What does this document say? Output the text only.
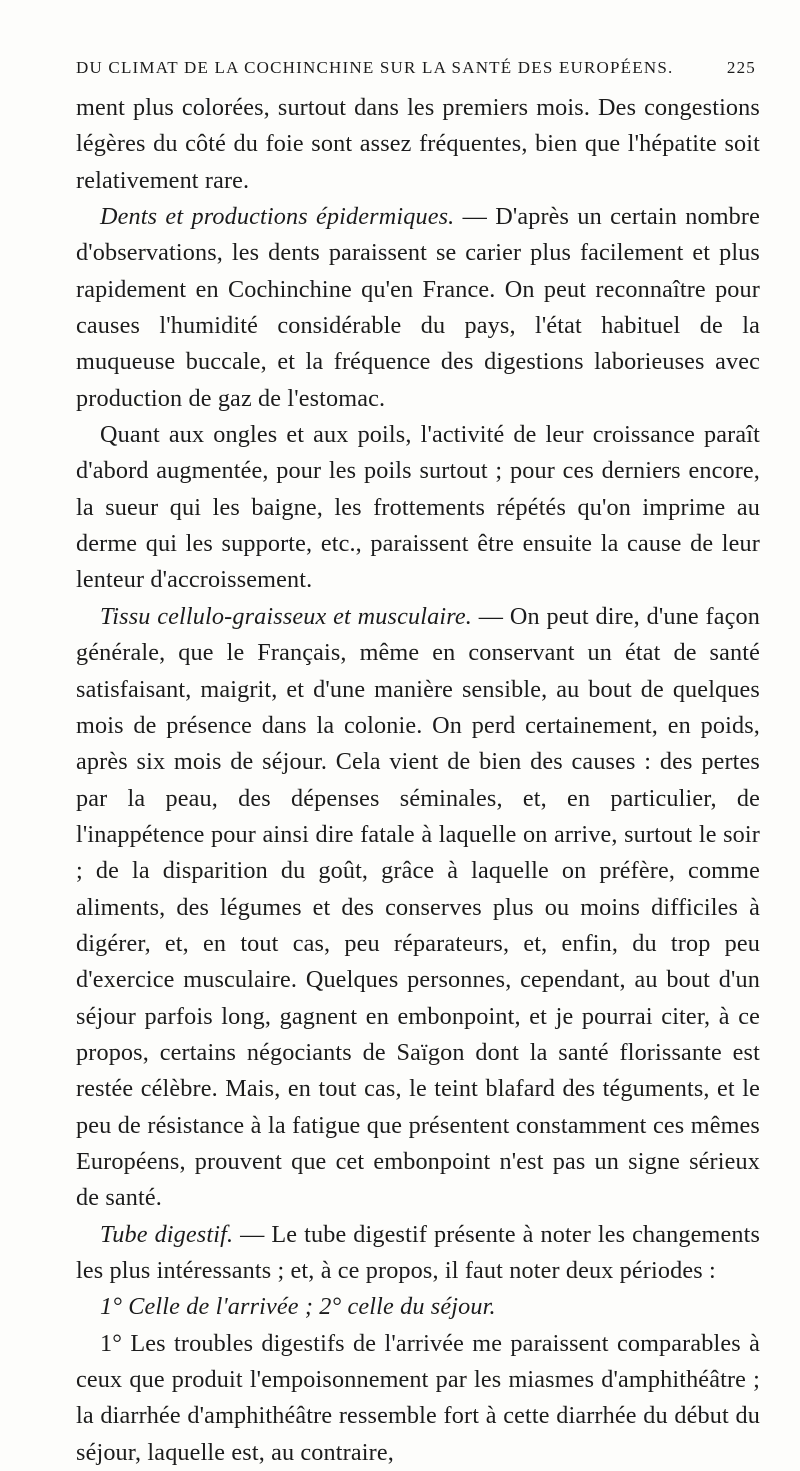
DU CLIMAT DE LA COCHINCHINE SUR LA SANTÉ DES EUROPÉENS.	225

ment plus colorées, surtout dans les premiers mois. Des congestions légères du côté du foie sont assez fréquentes, bien que l'hépatite soit relativement rare.

Dents et productions épidermiques. — D'après un certain nombre d'observations, les dents paraissent se carier plus facilement et plus rapidement en Cochinchine qu'en France. On peut reconnaître pour causes l'humidité considérable du pays, l'état habituel de la muqueuse buccale, et la fréquence des digestions laborieuses avec production de gaz de l'estomac.

Quant aux ongles et aux poils, l'activité de leur croissance paraît d'abord augmentée, pour les poils surtout ; pour ces derniers encore, la sueur qui les baigne, les frottements répétés qu'on imprime au derme qui les supporte, etc., paraissent être ensuite la cause de leur lenteur d'accroissement.

Tissu cellulo-graisseux et musculaire. — On peut dire, d'une façon générale, que le Français, même en conservant un état de santé satisfaisant, maigrit, et d'une manière sensible, au bout de quelques mois de présence dans la colonie. On perd certainement, en poids, après six mois de séjour. Cela vient de bien des causes : des pertes par la peau, des dépenses séminales, et, en particulier, de l'inappétence pour ainsi dire fatale à laquelle on arrive, surtout le soir ; de la disparition du goût, grâce à laquelle on préfère, comme aliments, des légumes et des conserves plus ou moins difficiles à digérer, et, en tout cas, peu réparateurs, et, enfin, du trop peu d'exercice musculaire. Quelques personnes, cependant, au bout d'un séjour parfois long, gagnent en embonpoint, et je pourrai citer, à ce propos, certains négociants de Saïgon dont la santé florissante est restée célèbre. Mais, en tout cas, le teint blafard des téguments, et le peu de résistance à la fatigue que présentent constamment ces mêmes Européens, prouvent que cet embonpoint n'est pas un signe sérieux de santé.

Tube digestif. — Le tube digestif présente à noter les changements les plus intéressants ; et, à ce propos, il faut noter deux périodes :

1° Celle de l'arrivée ; 2° celle du séjour.

1° Les troubles digestifs de l'arrivée me paraissent comparables à ceux que produit l'empoisonnement par les miasmes d'amphithéâtre ; la diarrhée d'amphithéâtre ressemble fort à cette diarrhée du début du séjour, laquelle est, au contraire,
